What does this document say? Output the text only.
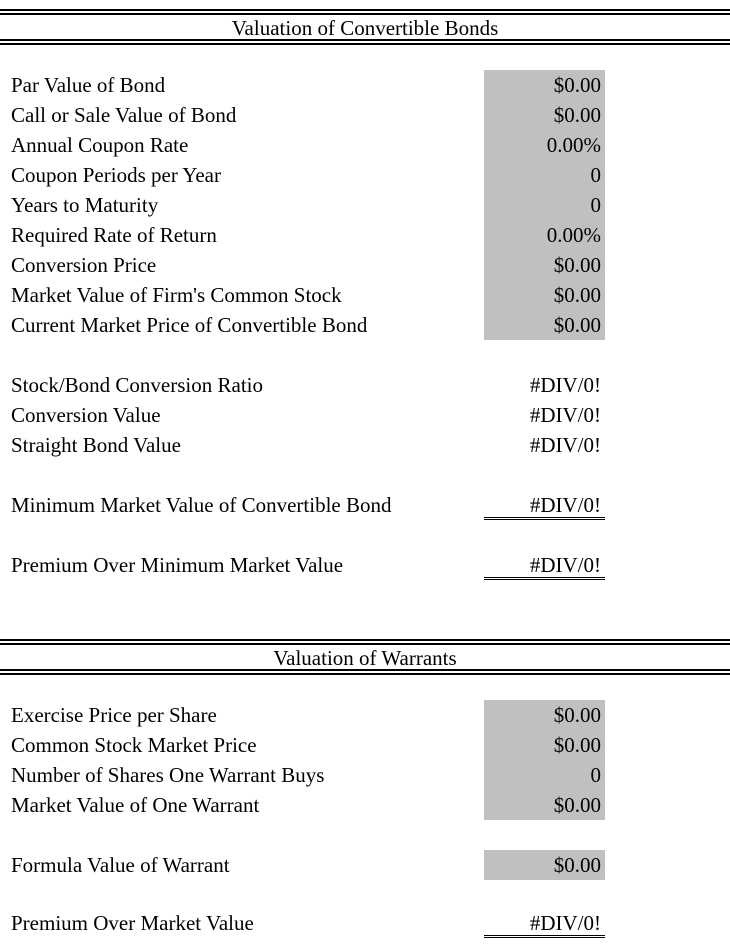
Valuation of Convertible Bonds
Par Value of Bond	$0.00
Call or Sale Value of Bond	$0.00
Annual Coupon Rate	0.00%
Coupon Periods per Year	0
Years to Maturity	0
Required Rate of Return	0.00%
Conversion Price	$0.00
Market Value of Firm's Common Stock	$0.00
Current Market Price of Convertible Bond	$0.00
Stock/Bond Conversion Ratio	#DIV/0!
Conversion Value	#DIV/0!
Straight Bond Value	#DIV/0!
Minimum Market Value of Convertible Bond	#DIV/0!
Premium Over Minimum Market Value	#DIV/0!
Valuation of Warrants
Exercise Price per Share	$0.00
Common Stock Market Price	$0.00
Number of Shares One Warrant Buys	0
Market Value of One Warrant	$0.00
Formula Value of Warrant	$0.00
Premium Over Market Value	#DIV/0!
